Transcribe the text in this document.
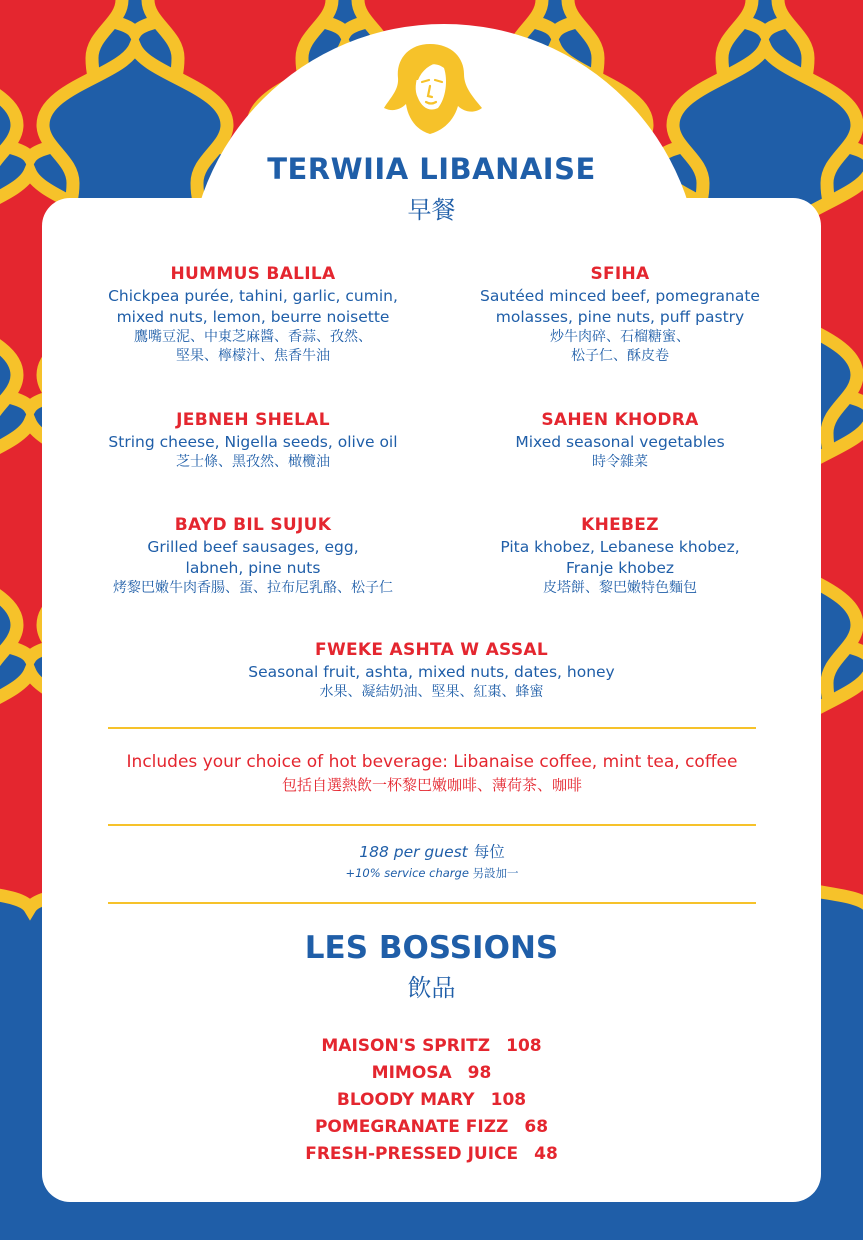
TERWIIA LIBANAISE
早餐
HUMMUS BALILA
Chickpea purée, tahini, garlic, cumin,
mixed nuts, lemon, beurre noisette
鷹嘴豆泥、中東芝麻醬、香蒜、孜然、
堅果、檸檬汁、焦香牛油
SFIHA
Sautéed minced beef, pomegranate
molasses, pine nuts, puff pastry
炒牛肉碎、石榴糖蜜、
松子仁、酥皮卷
JEBNEH SHELAL
String cheese, Nigella seeds, olive oil
芝士條、黑孜然、橄欖油
SAHEN KHODRA
Mixed seasonal vegetables
時令雜菜
BAYD BIL SUJUK
Grilled beef sausages, egg,
labneh, pine nuts
烤黎巴嫩牛肉香腸、蛋、拉布尼乳酪、松子仁
KHEBEZ
Pita khobez, Lebanese khobez,
Franje khobez
皮塔餅、黎巴嫩特色麵包
FWEKE ASHTA W ASSAL
Seasonal fruit, ashta, mixed nuts, dates, honey
水果、凝結奶油、堅果、紅棗、蜂蜜
Includes your choice of hot beverage: Libanaise coffee, mint tea, coffee
包括自選熱飲一杯黎巴嫩咖啡、薄荷茶、咖啡
188 per guest 每位
+10% service charge 另設加一
LES BOSSIONS
飲品
MAISON'S SPRITZ 108
MIMOSA 98
BLOODY MARY 108
POMEGRANATE FIZZ 68
FRESH-PRESSED JUICE 48
